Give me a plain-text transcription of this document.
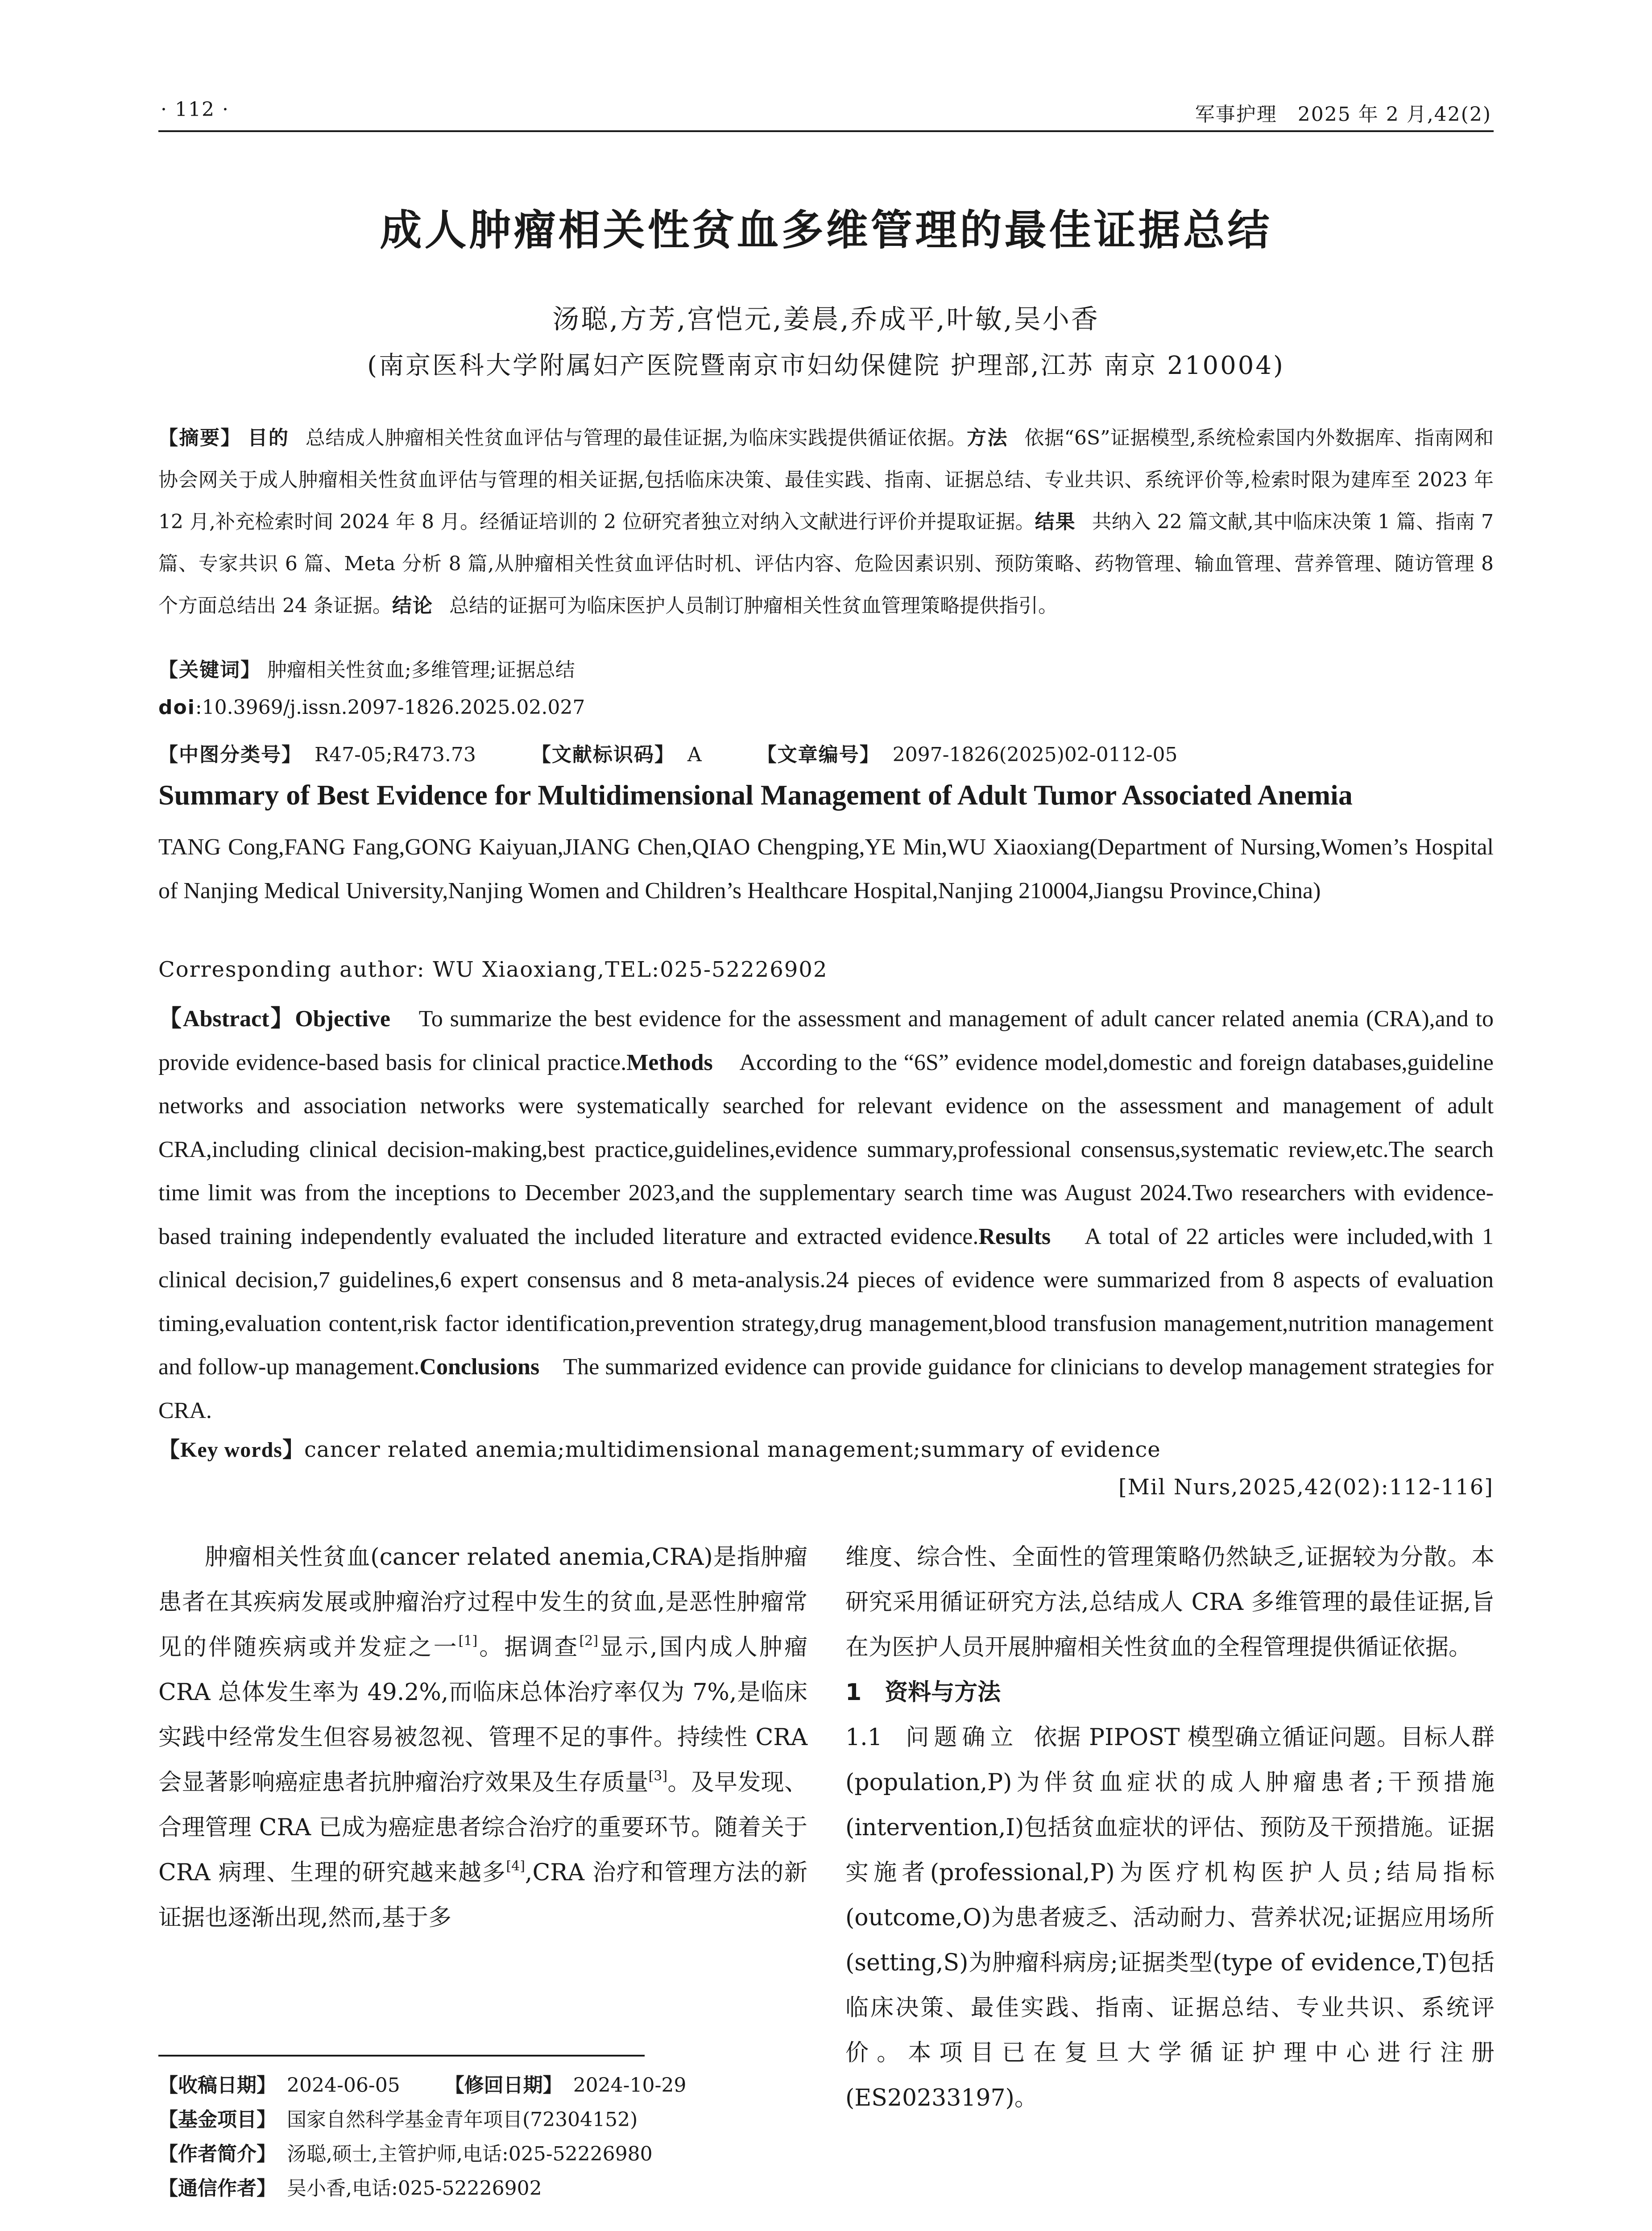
· 112 ·	军事护理　2025 年 2 月,42(2)
成人肿瘤相关性贫血多维管理的最佳证据总结
汤聪,方芳,宫恺元,姜晨,乔成平,叶敏,吴小香
(南京医科大学附属妇产医院暨南京市妇幼保健院 护理部,江苏 南京 210004)
【摘要】 目的 总结成人肿瘤相关性贫血评估与管理的最佳证据,为临床实践提供循证依据。方法 依据“6S”证据模型,系统检索国内外数据库、指南网和协会网关于成人肿瘤相关性贫血评估与管理的相关证据,包括临床决策、最佳实践、指南、证据总结、专业共识、系统评价等,检索时限为建库至 2023 年 12 月,补充检索时间 2024 年 8 月。经循证培训的 2 位研究者独立对纳入文献进行评价并提取证据。结果 共纳入 22 篇文献,其中临床决策 1 篇、指南 7 篇、专家共识 6 篇、Meta 分析 8 篇,从肿瘤相关性贫血评估时机、评估内容、危险因素识别、预防策略、药物管理、输血管理、营养管理、随访管理 8 个方面总结出 24 条证据。结论 总结的证据可为临床医护人员制订肿瘤相关性贫血管理策略提供指引。
【关键词】 肿瘤相关性贫血;多维管理;证据总结
doi:10.3969/j.issn.2097-1826.2025.02.027
【中图分类号】 R47-05;R473.73	【文献标识码】 A	【文章编号】 2097-1826(2025)02-0112-05
Summary of Best Evidence for Multidimensional Management of Adult Tumor Associated Anemia
TANG Cong,FANG Fang,GONG Kaiyuan,JIANG Chen,QIAO Chengping,YE Min,WU Xiaoxiang(Department of Nursing,Women’s Hospital of Nanjing Medical University,Nanjing Women and Children’s Healthcare Hospital,Nanjing 210004,Jiangsu Province,China)
Corresponding author: WU Xiaoxiang,TEL:025-52226902
【Abstract】Objective To summarize the best evidence for the assessment and management of adult cancer related anemia (CRA),and to provide evidence-based basis for clinical practice.Methods According to the “6S” evidence model,domestic and foreign databases,guideline networks and association networks were systematically searched for relevant evidence on the assessment and management of adult CRA,including clinical decision-making,best practice,guidelines,evidence summary,professional consensus,systematic review,etc.The search time limit was from the inceptions to December 2023,and the supplementary search time was August 2024.Two researchers with evidence-based training independently evaluated the included literature and extracted evidence.Results A total of 22 articles were included,with 1 clinical decision,7 guidelines,6 expert consensus and 8 meta-analysis.24 pieces of evidence were summarized from 8 aspects of evaluation timing,evaluation content,risk factor identification,prevention strategy,drug management,blood transfusion management,nutrition management and follow-up management.Conclusions The summarized evidence can provide guidance for clinicians to develop management strategies for CRA.
【Key words】cancer related anemia;multidimensional management;summary of evidence
[Mil Nurs,2025,42(02):112-116]
肿瘤相关性贫血(cancer related anemia,CRA)是指肿瘤患者在其疾病发展或肿瘤治疗过程中发生的贫血,是恶性肿瘤常见的伴随疾病或并发症之一[1]。据调查[2]显示,国内成人肿瘤 CRA 总体发生率为 49.2%,而临床总体治疗率仅为 7%,是临床实践中经常发生但容易被忽视、管理不足的事件。持续性 CRA 会显著影响癌症患者抗肿瘤治疗效果及生存质量[3]。及早发现、合理管理 CRA 已成为癌症患者综合治疗的重要环节。随着关于 CRA 病理、生理的研究越来越多[4],CRA 治疗和管理方法的新证据也逐渐出现,然而,基于多
维度、综合性、全面性的管理策略仍然缺乏,证据较为分散。本研究采用循证研究方法,总结成人 CRA 多维管理的最佳证据,旨在为医护人员开展肿瘤相关性贫血的全程管理提供循证依据。
1　资料与方法
1.1 问题确立 依据 PIPOST 模型确立循证问题。目标人群(population,P)为伴贫血症状的成人肿瘤患者;干预措施(intervention,I)包括贫血症状的评估、预防及干预措施。证据实施者(professional,P)为医疗机构医护人员;结局指标(outcome,O)为患者疲乏、活动耐力、营养状况;证据应用场所(setting,S)为肿瘤科病房;证据类型(type of evidence,T)包括临床决策、最佳实践、指南、证据总结、专业共识、系统评价。本项目已在复旦大学循证护理中心进行注册(ES20233197)。
【收稿日期】 2024-06-05 【修回日期】 2024-10-29
【基金项目】 国家自然科学基金青年项目(72304152)
【作者简介】 汤聪,硕士,主管护师,电话:025-52226980
【通信作者】 吴小香,电话:025-52226902
